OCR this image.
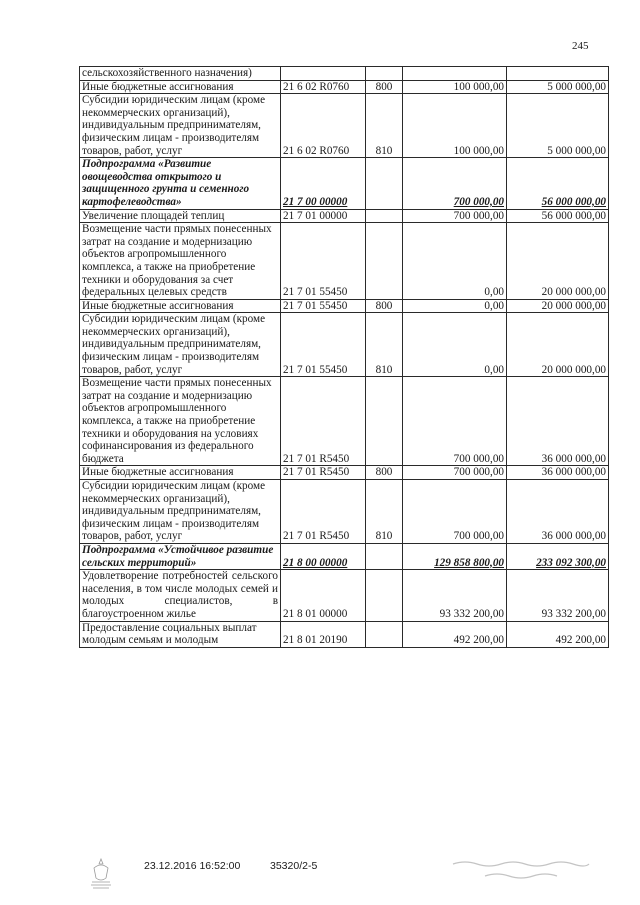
245
сельскохозяйственного назначения)				
Иные бюджетные ассигнования	21 6 02 R0760	800	100 000,00	5 000 000,00
Субсидии юридическим лицам (кроме некоммерческих организаций), индивидуальным предпринимателям, физическим лицам - производителям товаров, работ, услуг	21 6 02 R0760	810	100 000,00	5 000 000,00
Подпрограмма «Развитие овощеводства открытого и защищенного грунта и семенного картофелеводства»	21 7 00 00000		700 000,00	56 000 000,00
Увеличение площадей теплиц	21 7 01 00000		700 000,00	56 000 000,00
Возмещение части прямых понесенных затрат на создание и модернизацию объектов агропромышленного комплекса, а также на приобретение техники и оборудования за счет федеральных целевых средств	21 7 01 55450		0,00	20 000 000,00
Иные бюджетные ассигнования	21 7 01 55450	800	0,00	20 000 000,00
Субсидии юридическим лицам (кроме некоммерческих организаций), индивидуальным предпринимателям, физическим лицам - производителям товаров, работ, услуг	21 7 01 55450	810	0,00	20 000 000,00
Возмещение части прямых понесенных затрат на создание и модернизацию объектов агропромышленного комплекса, а также на приобретение техники и оборудования на условиях софинансирования из федерального бюджета	21 7 01 R5450		700 000,00	36 000 000,00
Иные бюджетные ассигнования	21 7 01 R5450	800	700 000,00	36 000 000,00
Субсидии юридическим лицам (кроме некоммерческих организаций), индивидуальным предпринимателям, физическим лицам - производителям товаров, работ, услуг	21 7 01 R5450	810	700 000,00	36 000 000,00
Подпрограмма «Устойчивое развитие сельских территорий»	21 8 00 00000		129 858 800,00	233 092 300,00
Удовлетворение потребностей сельского населения, в том числе молодых семей и молодых специалистов, в благоустроенном жилье	21 8 01 00000		93 332 200,00	93 332 200,00
Предоставление социальных выплат молодым семьям и молодым	21 8 01 20190		492 200,00	492 200,00
23.12.2016 16:52:00	35320/2-5
